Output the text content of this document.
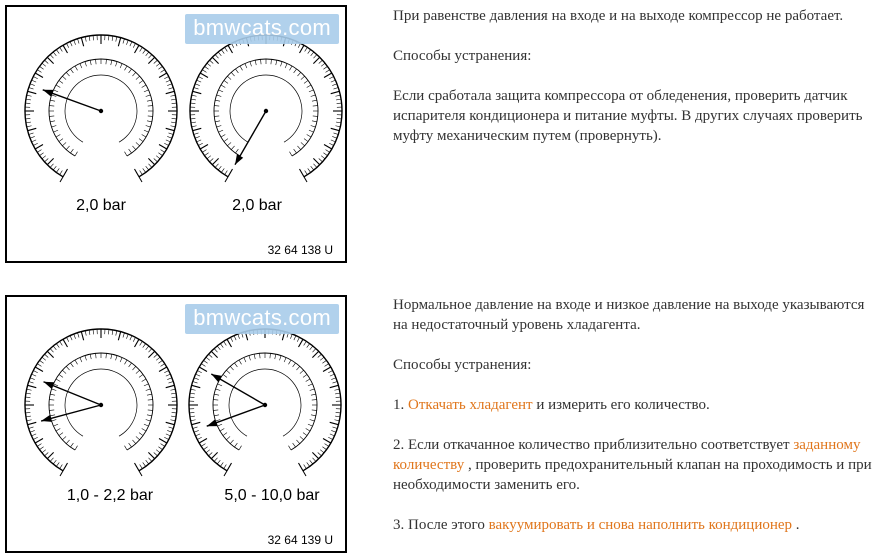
bmwcats.com
2,0 bar	2,0 bar
32 64 138 U
bmwcats.com
1,0 - 2,2 bar	5,0 - 10,0 bar
32 64 139 U

При равенстве давления на входе и на выходе компрессор не работает.

Способы устранения:

Если сработала защита компрессора от обледенения, проверить датчик испарителя кондиционера и питание муфты. В других случаях проверить муфту механическим путем (провернуть).

Нормальное давление на входе и низкое давление на выходе указываются на недостаточный уровень хладагента.

Способы устранения:

1. Откачать хладагент и измерить его количество.

2. Если откачанное количество приблизительно соответствует заданному количеству , проверить предохранительный клапан на проходимость и при необходимости заменить его.

3. После этого вакуумировать и снова наполнить кондиционер .
